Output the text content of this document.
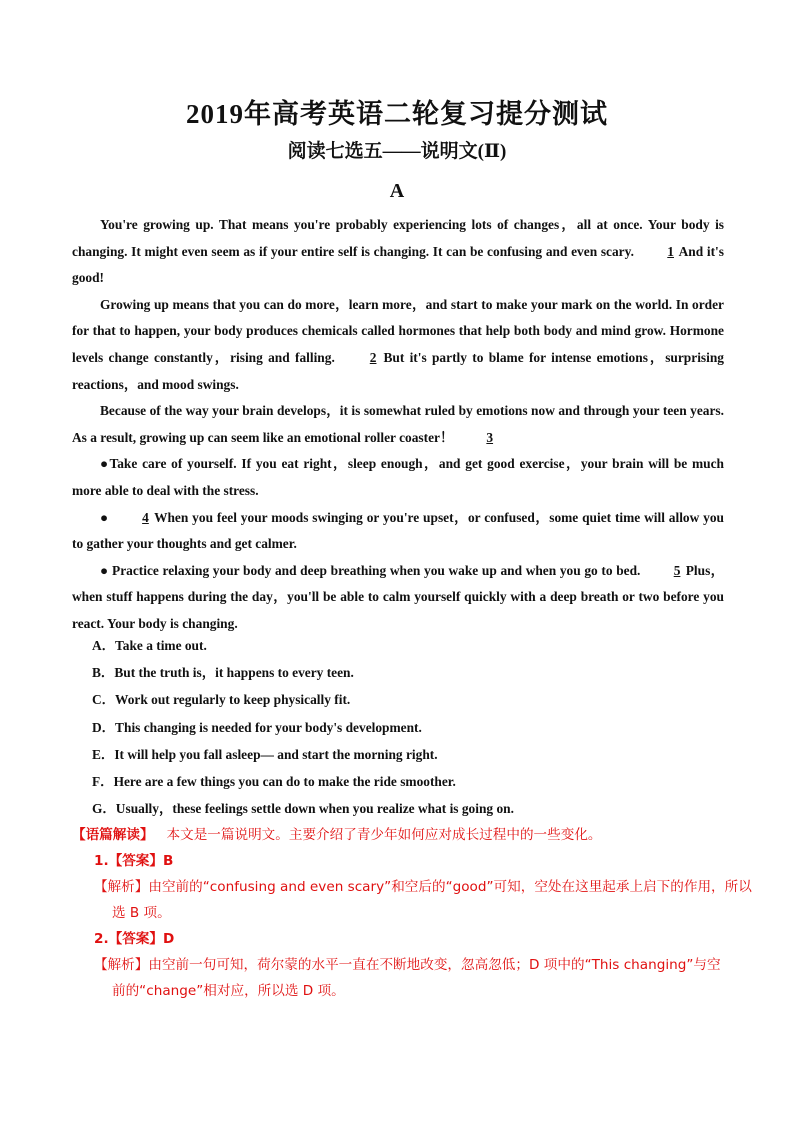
2019年高考英语二轮复习提分测试
阅读七选五——说明文(Ⅱ)
A

You're growing up. That means you're probably experiencing lots of changes，all at once. Your body is changing. It might even seem as if your entire self is changing. It can be confusing and even scary. 1 And it's good!

Growing up means that you can do more，learn more，and start to make your mark on the world. In order for that to happen, your body produces chemicals called hormones that help both body and mind grow. Hormone levels change constantly，rising and falling.	2 But it's partly to blame for intense emotions，surprising reactions，and mood swings.

Because of the way your brain develops，it is somewhat ruled by emotions now and through your teen years. As a result, growing up can seem like an emotional roller coaster！ 3

●Take care of yourself. If you eat right，sleep enough，and get good exercise，your brain will be much more able to deal with the stress.

●	4 When you feel your moods swinging or you're upset，or confused，some quiet time will allow you to gather your thoughts and get calmer.

● Practice relaxing your body and deep breathing when you wake up and when you go to bed. 5 Plus，when stuff happens during the day，you'll be able to calm yourself quickly with a deep breath or two before you react. Your body is changing.

A．Take a time out.
B．But the truth is，it happens to every teen.
C．Work out regularly to keep physically fit.
D．This changing is needed for your body's development.
E．It will help you fall asleep— and start the morning right.
F．Here are a few things you can do to make the ride smoother.
G．Usually，these feelings settle down when you realize what is going on.
【语篇解读】 本文是一篇说明文。主要介绍了青少年如何应对成长过程中的一些变化。
1.【答案】B
【解析】由空前的“confusing and even scary”和空后的“good”可知，空处在这里起承上启下的作用，所以
选 B 项。
2.【答案】D
【解析】由空前一句可知，荷尔蒙的水平一直在不断地改变，忽高忽低；D 项中的“This changing”与空
前的“change”相对应，所以选 D 项。
